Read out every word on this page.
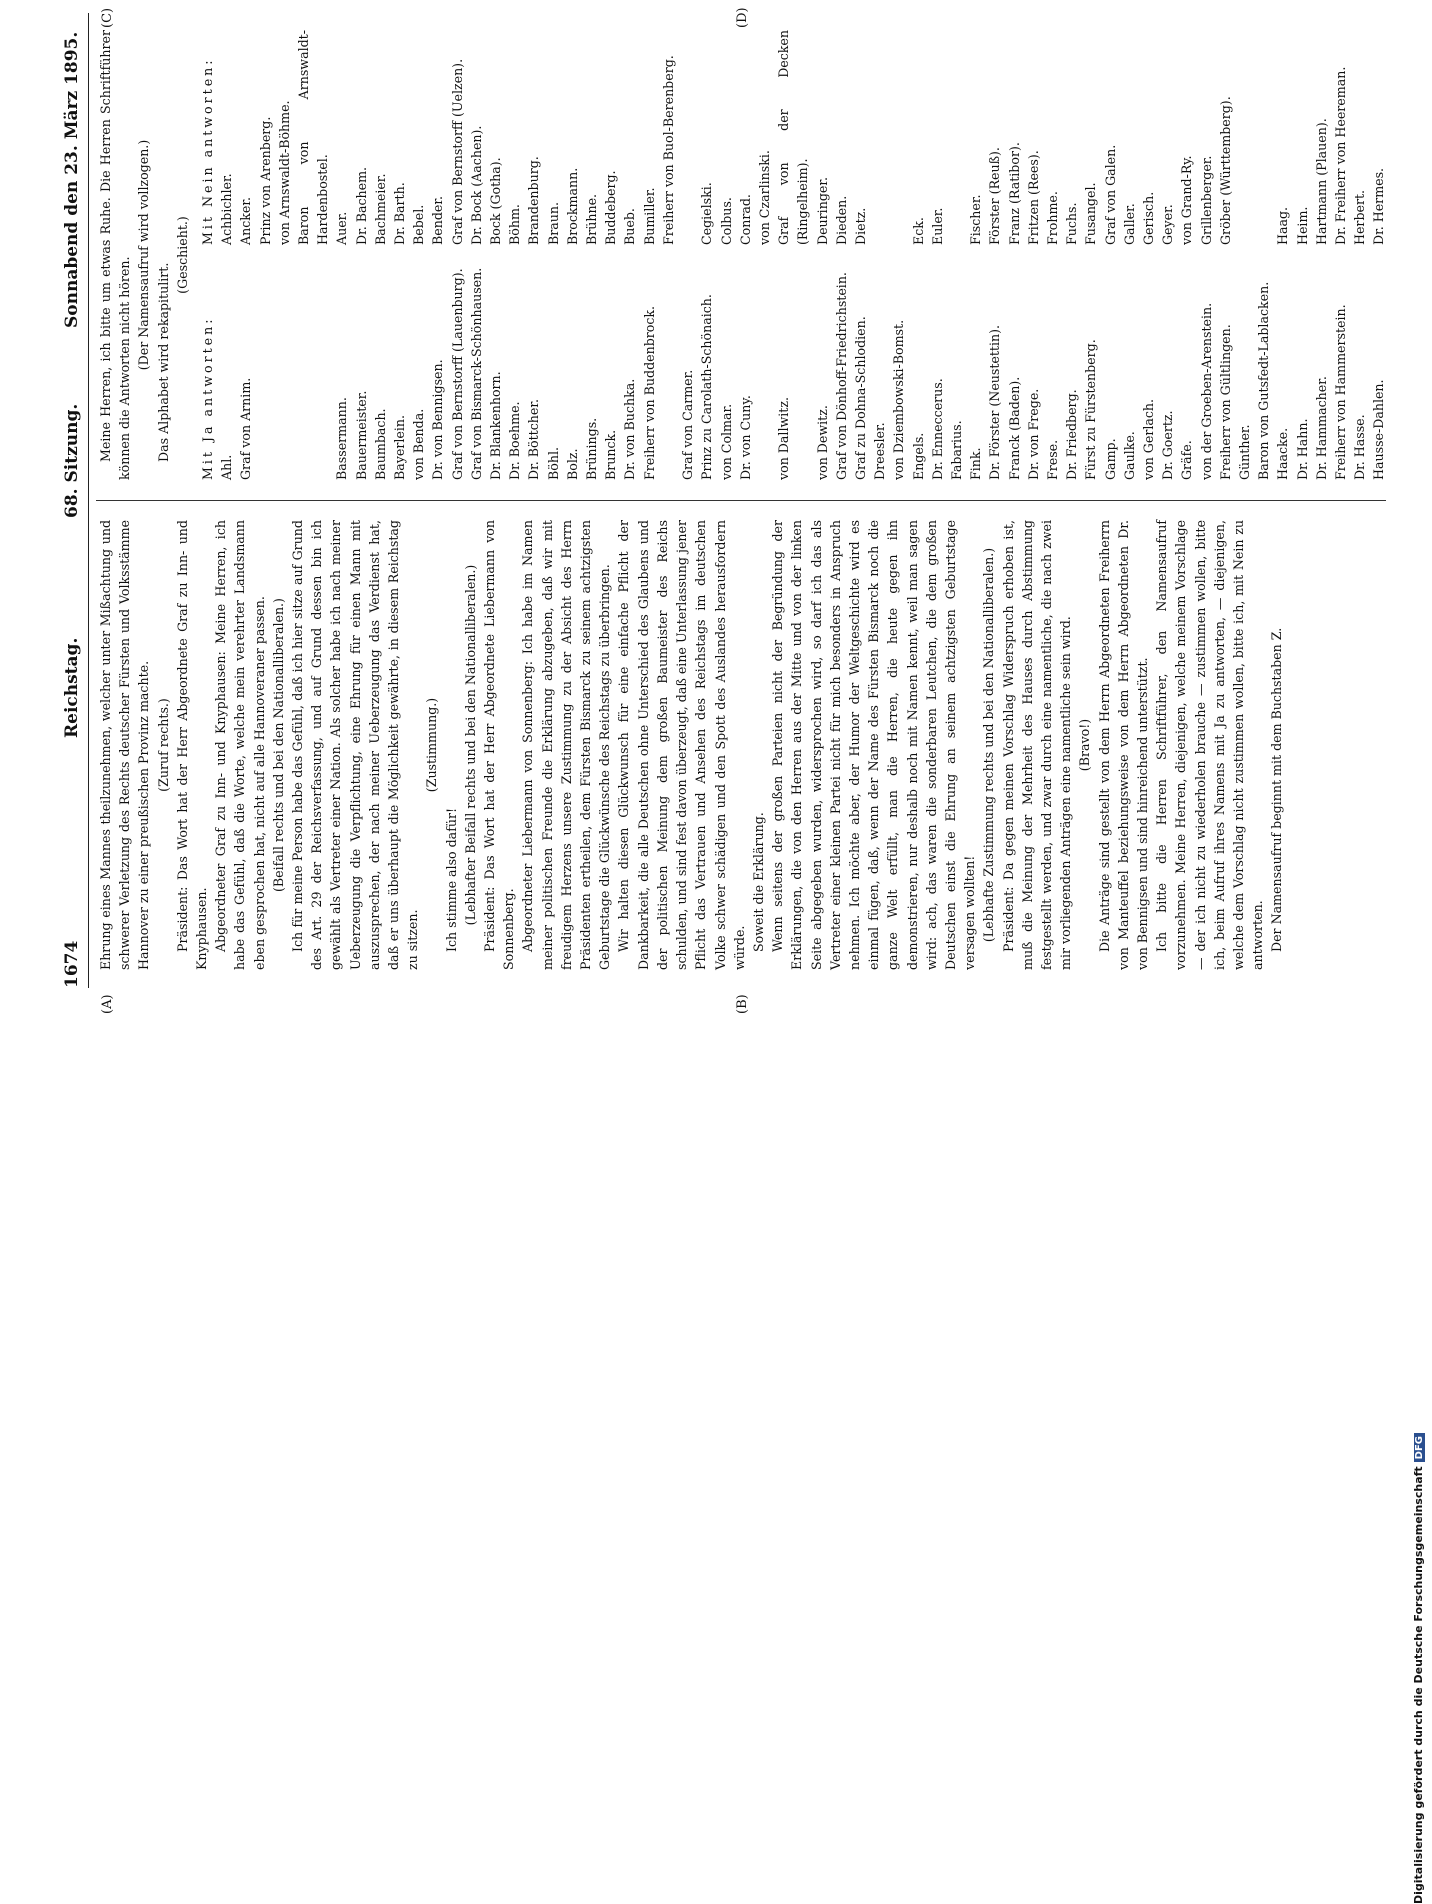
1674
Reichstag.
68. Sitzung.
Sonnabend den 23. März 1895.
(A)	(B)
(C)	(D)

Ehrung eines Mannes theilzunehmen, welcher unter Mißachtung und schwerer Verletzung des Rechts deutscher Fürsten und Volksstämme Hannover zu einer preußischen Provinz machte. (Zuruf rechts.) Präsident: Das Wort hat der Herr Abgeordnete Graf zu Inn- und Knyphausen. Abgeordneter Graf zu Inn- und Knyphausen: Meine Herren, ich habe das Gefühl, daß die Worte, welche mein verehrter Landsmann eben gesprochen hat, nicht auf alle Hannoveraner passen. (Beifall rechts und bei den Nationalliberalen.) Ich für meine Person habe das Gefühl, daß ich hier sitze auf Grund des Art. 29 der Reichsverfassung, und auf Grund dessen bin ich gewählt als Vertreter einer Nation. Als solcher habe ich nach meiner Ueberzeugung die Verpflichtung, eine Ehrung für einen Mann mit auszusprechen, der nach meiner Ueberzeugung das Verdienst hat, daß er uns überhaupt die Möglichkeit gewährte, in diesem Reichstag zu sitzen.

(Zustimmung.)

Ich stimme also dafür! (Lebhafter Beifall rechts und bei den Nationalliberalen.) Präsident: Das Wort hat der Herr Abgeordnete Liebermann von Sonnenberg. Abgeordneter Liebermann von Sonnenberg: Ich habe im Namen meiner politischen Freunde die Erklärung abzugeben, daß wir mit freudigem Herzens unsere Zustimmung zu der Absicht des Herrn Präsidenten ertheilen, dem Fürsten Bismarck zu seinem achtzigsten Geburtstage die Glückwünsche des Reichstags zu überbringen. Wir halten diesen Glückwunsch für eine einfache Pflicht der Dankbarkeit, die alle Deutschen ohne Unterschied des Glaubens und der politischen Meinung dem großen Baumeister des Reichs schulden, und sind fest davon überzeugt, daß eine Unterlassung jener Pflicht das Vertrauen und Ansehen des Reichstags im deutschen Volke schwer schädigen und den Spott des Auslandes herausfordern würde. Soweit die Erklärung. Wenn seitens der großen Parteien nicht der Begründung der Erklärungen, die von den Herren aus der Mitte und von der linken Seite abgegeben wurden, widersprochen wird, so darf ich das als Vertreter einer kleinen Partei nicht für mich besonders in Anspruch nehmen. Ich möchte aber, der Humor der Weltgeschichte wird es einmal fügen, daß, wenn der Name des Fürsten Bismarck noch die ganze Welt erfüllt, man die Herren, die heute gegen ihn demonstrieren, nur deshalb noch mit Namen kennt, weil man sagen wird: ach, das waren die sonderbaren Leutchen, die dem großen Deutschen einst die Ehrung an seinem achtzigsten Geburtstage versagen wollten! (Lebhafte Zustimmung rechts und bei den Nationalliberalen.) Präsident: Da gegen meinen Vorschlag Widerspruch erhoben ist, muß die Meinung der Mehrheit des Hauses durch Abstimmung festgestellt werden, und zwar durch eine namentliche, die nach zwei mir vorliegenden Anträgen eine namentliche sein wird. (Bravo!) Die Anträge sind gestellt von dem Herrn Abgeordneten Freiherrn von Manteuffel beziehungsweise von dem Herrn Abgeordneten Dr. von Bennigsen und sind hinreichend unterstützt. Ich bitte die Herren Schriftführer, den Namensaufruf vorzunehmen. Meine Herren, diejenigen, welche meinem Vorschlage — der ich nicht zu wiederholen brauche — zustimmen wollen, bitte ich, beim Aufruf ihres Namens mit Ja zu antworten, — diejenigen, welche dem Vorschlag nicht zustimmen wollen, bitte ich, mit Nein zu antworten. Der Namensaufruf beginnt mit dem Buchstaben Z.

Meine Herren, ich bitte um etwas Ruhe. Die Herren Schriftführer können die Antworten nicht hören. (Der Namensaufruf wird vollzogen.) Das Alphabet wird rekapitulirt.

(Geschieht.)

Mit Ja antworten:
Mit Nein antworten:
Ahl.
Achbichler.
Graf von Arnim.
Ancker. Prinz von Arenberg. von Arnswaldt-Böhme. Baron von Arnswaldt-Hardenbostel.
Bassermann.
Auer.
Bauermeister.
Dr. Bachem.
Baumbach.
Bachmeier.
Bayerlein.
Dr. Barth.
von Benda.
Bebel.
Dr. von Bennigsen.
Bender.
Graf von Bernstorff (Lauenburg).
Graf von Bernstorff (Uelzen).
Graf von Bismarck-Schönhausen.
Dr. Bock (Aachen).
Dr. Blankenhorn.
Bock (Gotha).
Dr. Boehme.
Böhm.
Dr. Böttcher.
Brandenburg.
Böhl.
Braun.
Bolz.
Brockmann.
Brünings.
Brühne.
Brunck.
Buddeberg.
Dr. von Buchka.
Bueb.
Freiherr von Buddenbrock.
Bumiller. Freiherr von Buol-Berenberg.
Graf von Carmer. Prinz zu Carolath-Schönaich.
Cegielski.
von Colmar.
Colbus.
Dr. von Cuny.
Conrad. von Czarlinski.
von Dallwitz.
Graf von der Decken (Ringelheim).
von Dewitz.
Deuringer.
Graf von Dönhoff-Friedrichstein.
Dieden.
Graf zu Dohna-Schlodien.
Dietz.
Dreesler. von Dziembowski-Bomst. Engels.
Eck.
Dr. Enneccerus.
Euler.
Fabarius. Fink.
Fischer.
Dr. Förster (Neustettin).
Förster (Reuß).
Franck (Baden).
Franz (Ratibor).
Dr. von Frege.
Fritzen (Rees).
Frese.
Frohme.
Dr. Friedberg.
Fuchs.
Fürst zu Fürstenberg.
Fusangel.
Gamp.
Graf von Galen.
Gaulke.
Galler.
von Gerlach.
Gerisch.
Dr. Goertz.
Geyer.
Gräfe.
von Grand-Ry.
von der Groeben-Arenstein.
Grillenberger.
Freiherr von Gültlingen.
Gröber (Württemberg).
Günther. Baron von Gutsfedt-Lablacken. Haacke.
Haag.
Dr. Hahn.
Heim.
Dr. Hammacher.
Hartmann (Plauen).
Freiherr von Hammerstein.
Dr. Freiherr von Heereman.
Dr. Hasse.
Herbert.
Hausse-Dahlen.
Dr. Hermes.
Digitalisierung gefördert durch die Deutsche ForschungsgemeinschaftDFG
